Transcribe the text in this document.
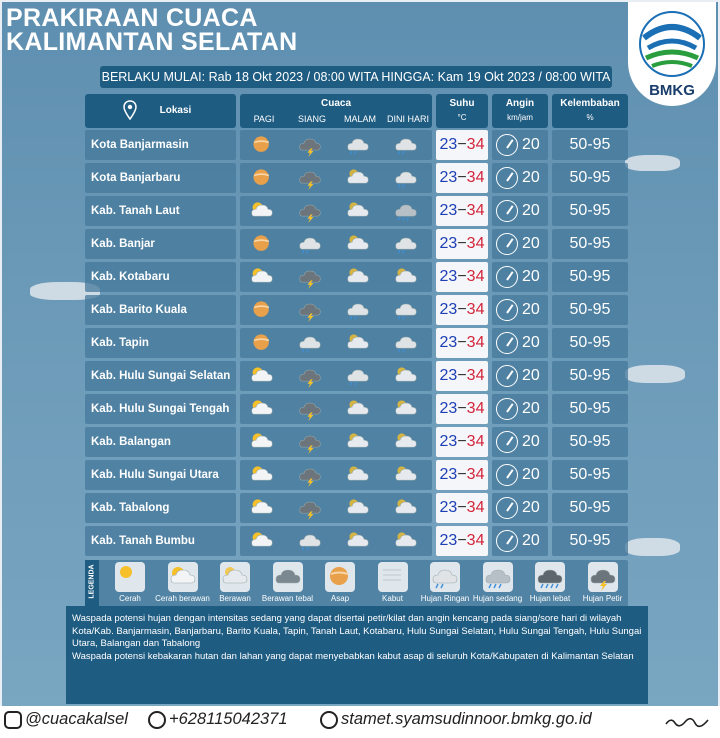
PRAKIRAAN CUACA
KALIMANTAN SELATAN
BMKG
BERLAKU MULAI: Rab 18 Okt 2023 / 08:00 WITA HINGGA: Kam 19 Okt 2023 / 08:00 WITA
Lokasi
Cuaca
PAGI	SIANG	MALAM	DINI HARI
Suhu
°C
Angin
km/jam
Kelembaban
%
Kota Banjarmasin	23−34 20	50-95
Kota Banjarbaru	23−34 20	50-95
Kab. Tanah Laut	23−34 20	50-95
Kab. Banjar	23−34 20	50-95
Kab. Kotabaru	23−34 20	50-95
Kab. Barito Kuala	23−34 20	50-95
Kab. Tapin	23−34 20	50-95
Kab. Hulu Sungai Selatan	23−34 20	50-95
Kab. Hulu Sungai Tengah	23−34 20	50-95
Kab. Balangan	23−34 20	50-95
Kab. Hulu Sungai Utara	23−34 20	50-95
Kab. Tabalong	23−34 20	50-95
Kab. Tanah Bumbu	23−34 20	50-95
LEGENDA	Cerah	Cerah berawan	Berawan	Berawan tebal	Asap	Kabut	Hujan Ringan Hujan sedang Hujan lebat	Hujan Petir

Waspada potensi hujan dengan intensitas sedang yang dapat disertai petir/kilat dan angin kencang pada siang/sore hari di wilayah Kota/Kab. Banjarmasin, Banjarbaru, Barito Kuala, Tapin, Tanah Laut, Kotabaru, Hulu Sungai Selatan, Hulu Sungai Tengah, Hulu Sungai Utara, Balangan dan Tabalong

Waspada potensi kebakaran hutan dan lahan yang dapat menyebabkan kabut asap di seluruh Kota/Kabupaten di Kalimantan Selatan

@cuacakalsel +628115042371	stamet.syamsudinnoor.bmkg.go.id
